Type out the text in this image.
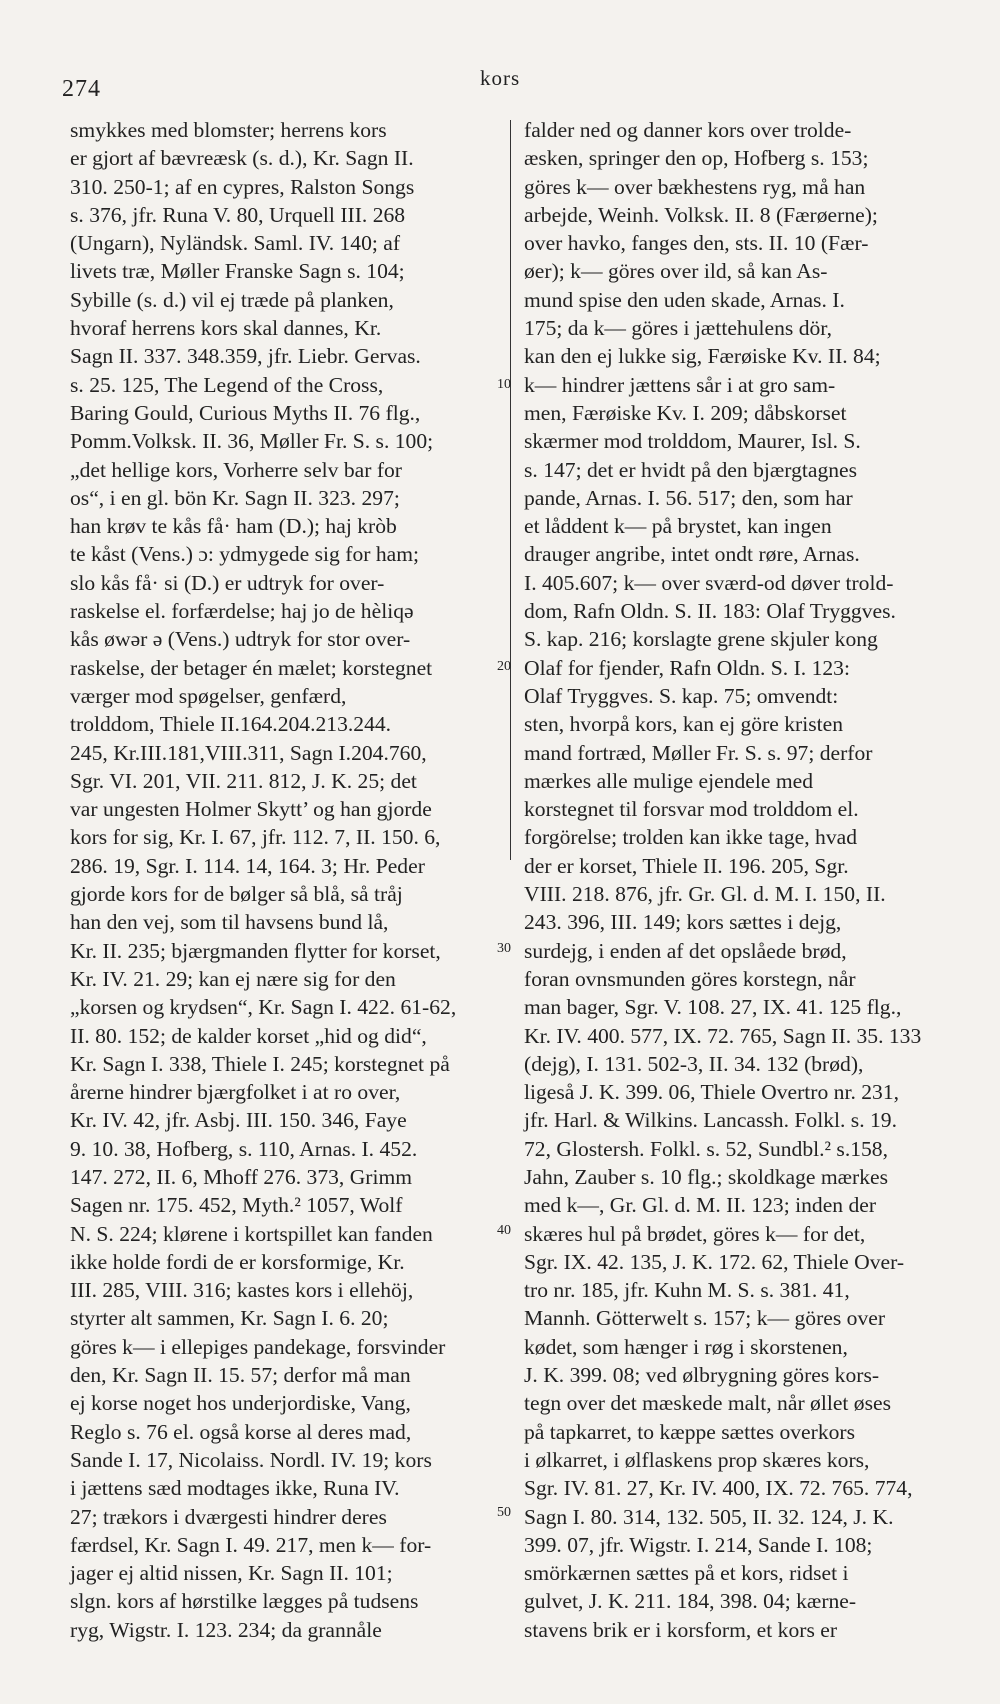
274	kors
smykkes med blomster; herrens kors
er gjort af bævreæsk (s. d.), Kr. Sagn II.
310. 250-1; af en cypres, Ralston Songs
s. 376, jfr. Runa V. 80, Urquell III. 268
(Ungarn), Nyländsk. Saml. IV. 140; af
livets træ, Møller Franske Sagn s. 104;
Sybille (s. d.) vil ej træde på planken,
hvoraf herrens kors skal dannes, Kr.
Sagn II. 337. 348.359, jfr. Liebr. Gervas.
s. 25. 125, The Legend of the Cross,
Baring Gould, Curious Myths II. 76 flg.,
Pomm.Volksk. II. 36, Møller Fr. S. s. 100;
„det hellige kors, Vorherre selv bar for
os“, i en gl. bön Kr. Sagn II. 323. 297;
han krøv te kås få· ham (D.); haj kròb
te kåst (Vens.) ɔ: ydmygede sig for ham;
slo kås få· si (D.) er udtryk for over-
raskelse el. forfærdelse; haj jo de hèliqə
kås øwər ə (Vens.) udtryk for stor over-
raskelse, der betager én mælet; korstegnet
værger mod spøgelser, genfærd,
trolddom, Thiele II.164.204.213.244.
245, Kr.III.181,VIII.311, Sagn I.204.760,
Sgr. VI. 201, VII. 211. 812, J. K. 25; det
var ungesten Holmer Skytt’ og han gjorde
kors for sig, Kr. I. 67, jfr. 112. 7, II. 150. 6,
286. 19, Sgr. I. 114. 14, 164. 3; Hr. Peder
gjorde kors for de bølger så blå, så tråj
han den vej, som til havsens bund lå,
Kr. II. 235; bjærgmanden flytter for korset,
Kr. IV. 21. 29; kan ej nære sig for den
„korsen og krydsen“, Kr. Sagn I. 422. 61-62,
II. 80. 152; de kalder korset „hid og did“,
Kr. Sagn I. 338, Thiele I. 245; korstegnet på
årerne hindrer bjærgfolket i at ro over,
Kr. IV. 42, jfr. Asbj. III. 150. 346, Faye
9. 10. 38, Hofberg, s. 110, Arnas. I. 452.
147. 272, II. 6, Mhoff 276. 373, Grimm
Sagen nr. 175. 452, Myth.² 1057, Wolf
N. S. 224; klørene i kortspillet kan fanden
ikke holde fordi de er korsformige, Kr.
III. 285, VIII. 316; kastes kors i ellehöj,
styrter alt sammen, Kr. Sagn I. 6. 20;
göres k— i ellepiges pandekage, forsvinder
den, Kr. Sagn II. 15. 57; derfor må man
ej korse noget hos underjordiske, Vang,
Reglo s. 76 el. også korse al deres mad,
Sande I. 17, Nicolaiss. Nordl. IV. 19; kors
i jættens sæd modtages ikke, Runa IV.
27; trækors i dværgesti hindrer deres
færdsel, Kr. Sagn I. 49. 217, men k— for-
jager ej altid nissen, Kr. Sagn II. 101;
slgn. kors af hørstilke lægges på tudsens
ryg, Wigstr. I. 123. 234; da grannåle
falder ned og danner kors over trolde-
æsken, springer den op, Hofberg s. 153;
göres k— over bækhestens ryg, må han
arbejde, Weinh. Volksk. II. 8 (Færøerne);
over havko, fanges den, sts. II. 10 (Fær-
øer); k— göres over ild, så kan As-
mund spise den uden skade, Arnas. I.
175; da k— göres i jættehulens dör,
kan den ej lukke sig, Færøiske Kv. II. 84;
k— hindrer jættens sår i at gro sam-
men, Færøiske Kv. I. 209; dåbskorset
skærmer mod trolddom, Maurer, Isl. S.
s. 147; det er hvidt på den bjærgtagnes
pande, Arnas. I. 56. 517; den, som har
et låddent k— på brystet, kan ingen
drauger angribe, intet ondt røre, Arnas.
I. 405.607; k— over sværd-od døver trold-
dom, Rafn Oldn. S. II. 183: Olaf Tryggves.
S. kap. 216; korslagte grene skjuler kong
Olaf for fjender, Rafn Oldn. S. I. 123:
Olaf Tryggves. S. kap. 75; omvendt:
sten, hvorpå kors, kan ej göre kristen
mand fortræd, Møller Fr. S. s. 97; derfor
mærkes alle mulige ejendele med
korstegnet til forsvar mod trolddom el.
forgörelse; trolden kan ikke tage, hvad
der er korset, Thiele II. 196. 205, Sgr.
VIII. 218. 876, jfr. Gr. Gl. d. M. I. 150, II.
243. 396, III. 149; kors sættes i dejg,
surdejg, i enden af det opslåede brød,
foran ovnsmunden göres korstegn, når
man bager, Sgr. V. 108. 27, IX. 41. 125 flg.,
Kr. IV. 400. 577, IX. 72. 765, Sagn II. 35. 133
(dejg), I. 131. 502-3, II. 34. 132 (brød),
ligeså J. K. 399. 06, Thiele Overtro nr. 231,
jfr. Harl. & Wilkins. Lancassh. Folkl. s. 19.
72, Glostersh. Folkl. s. 52, Sundbl.² s.158,
Jahn, Zauber s. 10 flg.; skoldkage mærkes
med k—, Gr. Gl. d. M. II. 123; inden der
skæres hul på brødet, göres k— for det,
Sgr. IX. 42. 135, J. K. 172. 62, Thiele Over-
tro nr. 185, jfr. Kuhn M. S. s. 381. 41,
Mannh. Götterwelt s. 157; k— göres over
kødet, som hænger i røg i skorstenen,
J. K. 399. 08; ved ølbrygning göres kors-
tegn over det mæskede malt, når øllet øses
på tapkarret, to kæppe sættes overkors
i ølkarret, i ølflaskens prop skæres kors,
Sgr. IV. 81. 27, Kr. IV. 400, IX. 72. 765. 774,
Sagn I. 80. 314, 132. 505, II. 32. 124, J. K.
399. 07, jfr. Wigstr. I. 214, Sande I. 108;
smörkærnen sættes på et kors, ridset i
gulvet, J. K. 211. 184, 398. 04; kærne-
stavens brik er i korsform, et kors er
10
20
30
40
50
